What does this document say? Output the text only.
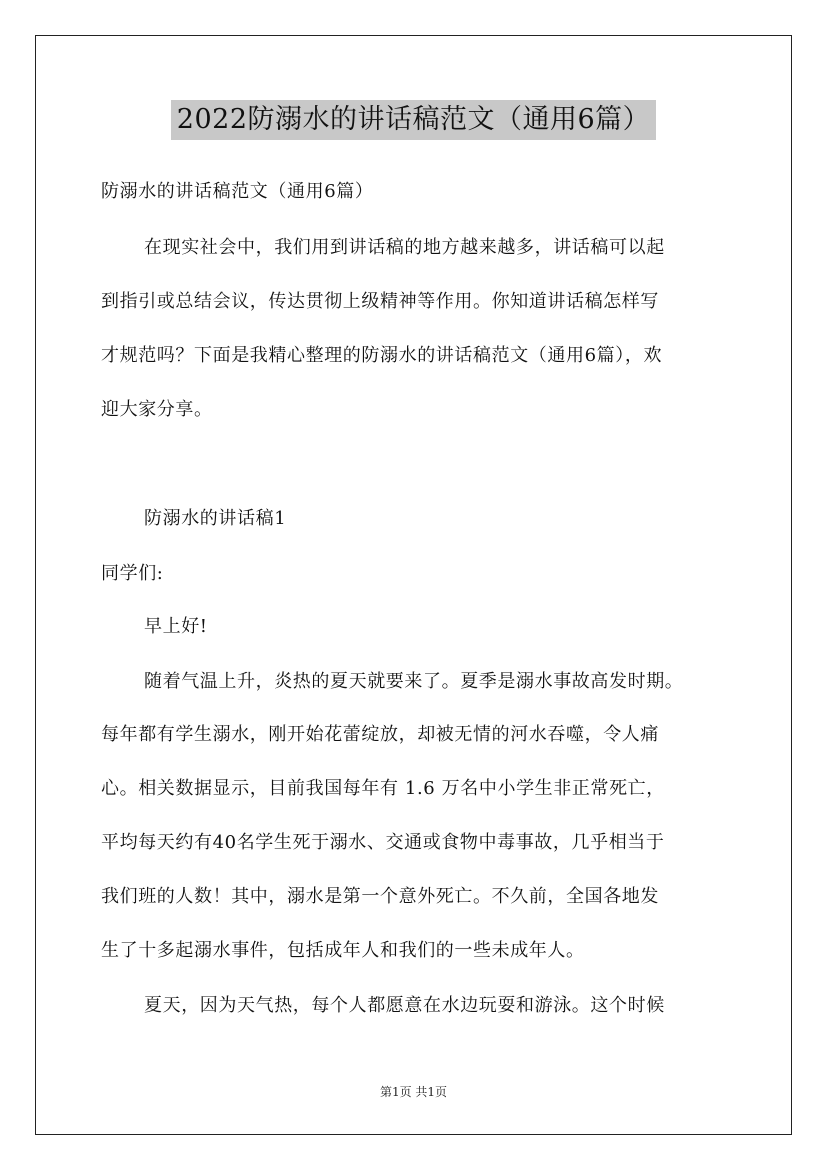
2022防溺水的讲话稿范文（通用6篇）
防溺水的讲话稿范文（通用6篇）
在现实社会中，我们用到讲话稿的地方越来越多，讲话稿可以起
到指引或总结会议，传达贯彻上级精神等作用。你知道讲话稿怎样写
才规范吗？下面是我精心整理的防溺水的讲话稿范文（通用6篇），欢
迎大家分享。
防溺水的讲话稿1
同学们:
早上好!
随着气温上升，炎热的夏天就要来了。夏季是溺水事故高发时期。
每年都有学生溺水，刚开始花蕾绽放，却被无情的河水吞噬，令人痛
心。相关数据显示，目前我国每年有 1.6 万名中小学生非正常死亡，
平均每天约有40名学生死于溺水、交通或食物中毒事故，几乎相当于
我们班的人数！其中，溺水是第一个意外死亡。不久前，全国各地发
生了十多起溺水事件，包括成年人和我们的一些未成年人。
夏天，因为天气热，每个人都愿意在水边玩耍和游泳。这个时候
第1页 共1页
